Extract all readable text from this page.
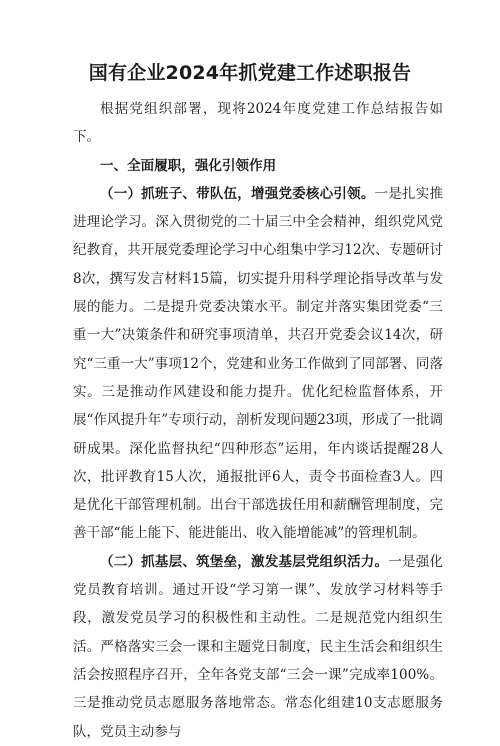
国有企业2024年抓党建工作述职报告

根据党组织部署，现将2024年度党建工作总结报告如下。

一、全面履职，强化引领作用

（一）抓班子、带队伍，增强党委核心引领。一是扎实推进理论学习。深入贯彻党的二十届三中全会精神，组织党风党纪教育，共开展党委理论学习中心组集中学习12次、专题研讨8次，撰写发言材料15篇，切实提升用科学理论指导改革与发展的能力。二是提升党委决策水平。制定并落实集团党委“三重一大”决策条件和研究事项清单，共召开党委会议14次，研究“三重一大”事项12个，党建和业务工作做到了同部署、同落实。三是推动作风建设和能力提升。优化纪检监督体系，开展“作风提升年”专项行动，剖析发现问题23项，形成了一批调研成果。深化监督执纪“四种形态”运用，年内谈话提醒28人次，批评教育15人次，通报批评6人，责令书面检查3人。四是优化干部管理机制。出台干部选拔任用和薪酬管理制度，完善干部“能上能下、能进能出、收入能增能减”的管理机制。

（二）抓基层、筑堡垒，激发基层党组织活力。一是强化党员教育培训。通过开设“学习第一课”、发放学习材料等手段，激发党员学习的积极性和主动性。二是规范党内组织生活。严格落实三会一课和主题党日制度，民主生活会和组织生活会按照程序召开，全年各党支部“三会一课”完成率100%。三是推动党员志愿服务落地常态。常态化组建10支志愿服务队，党员主动参与
